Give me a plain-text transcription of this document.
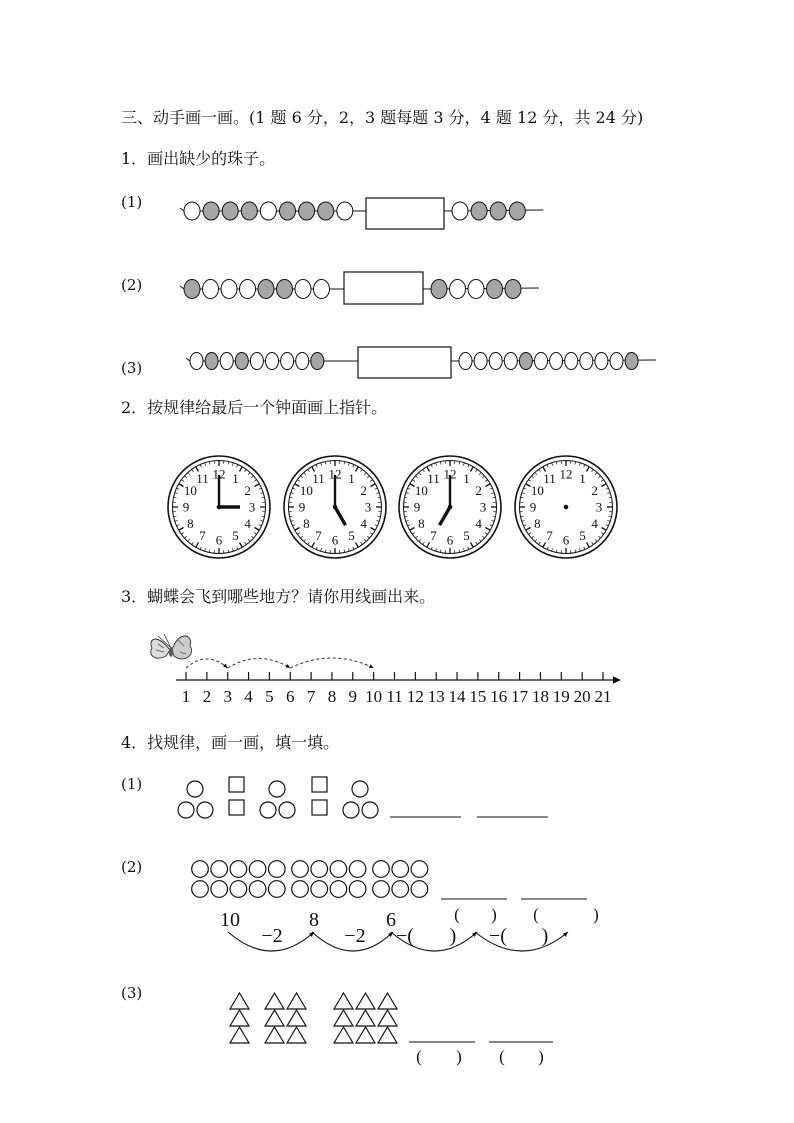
三、动手画一画。(1 题 6 分，2，3 题每题 3 分，4 题 12 分，共 24 分)
1．画出缺少的珠子。
(1)
(2)
(3)
2．按规律给最后一个钟面画上指针。
3．蝴蝶会飞到哪些地方？请你用线画出来。
4．找规律，画一画，填一填。
(1)
(2)
(3)
12 1
2
3
4
5
6
7
8
9
10
11	12 1
2
3
4
5
6
7
8
9
10
11	12 1
2
3
4
5
6
7
8
9
10
11	12 1
2
3
4
5
6
7
8
9
10
11
1 2 3 4 5 6 7 8 9 10 11 12 13 14 15 16 17 18 19 20 21
( ) (	)
10	8	6
−2	−2 −( ) −( )
( ) ( )
